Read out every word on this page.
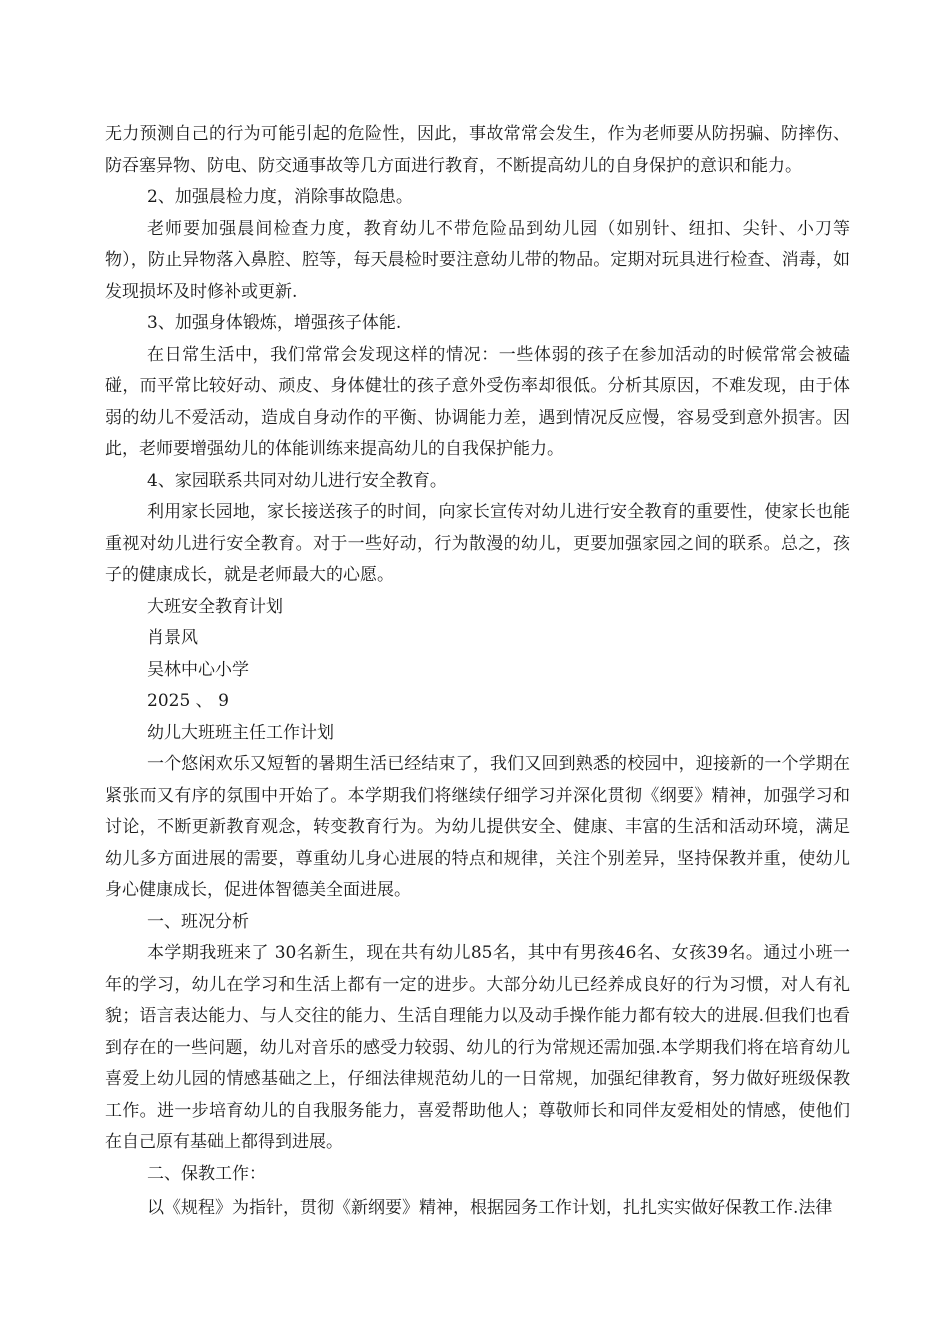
无力预测自己的行为可能引起的危险性，因此，事故常常会发生，作为老师要从防拐骗、防摔伤、防吞塞异物、防电、防交通事故等几方面进行教育，不断提高幼儿的自身保护的意识和能力。

2、加强晨检力度，消除事故隐患。

老师要加强晨间检查力度，教育幼儿不带危险品到幼儿园（如别针、纽扣、尖针、小刀等物），防止异物落入鼻腔、腔等，每天晨检时要注意幼儿带的物品。定期对玩具进行检查、消毒，如发现损坏及时修补或更新.

3、加强身体锻炼，增强孩子体能.

在日常生活中，我们常常会发现这样的情况：一些体弱的孩子在参加活动的时候常常会被磕碰，而平常比较好动、顽皮、身体健壮的孩子意外受伤率却很低。分析其原因，不难发现，由于体弱的幼儿不爱活动，造成自身动作的平衡、协调能力差，遇到情况反应慢，容易受到意外损害。因此，老师要增强幼儿的体能训练来提高幼儿的自我保护能力。

4、家园联系共同对幼儿进行安全教育。

利用家长园地，家长接送孩子的时间，向家长宣传对幼儿进行安全教育的重要性，使家长也能重视对幼儿进行安全教育。对于一些好动，行为散漫的幼儿，更要加强家园之间的联系。总之，孩子的健康成长，就是老师最大的心愿。

大班安全教育计划

肖景风

吴林中心小学

2025 、 9

幼儿大班班主任工作计划

一个悠闲欢乐又短暂的暑期生活已经结束了，我们又回到熟悉的校园中，迎接新的一个学期在紧张而又有序的氛围中开始了。本学期我们将继续仔细学习并深化贯彻《纲要》精神，加强学习和讨论，不断更新教育观念，转变教育行为。为幼儿提供安全、健康、丰富的生活和活动环境，满足幼儿多方面进展的需要，尊重幼儿身心进展的特点和规律，关注个别差异，坚持保教并重，使幼儿身心健康成长，促进体智德美全面进展。

一、班况分析

本学期我班来了 30名新生，现在共有幼儿85名，其中有男孩46名、女孩39名。通过小班一年的学习，幼儿在学习和生活上都有一定的进步。大部分幼儿已经养成良好的行为习惯，对人有礼貌；语言表达能力、与人交往的能力、生活自理能力以及动手操作能力都有较大的进展.但我们也看到存在的一些问题，幼儿对音乐的感受力较弱、幼儿的行为常规还需加强.本学期我们将在培育幼儿喜爱上幼儿园的情感基础之上，仔细法律规范幼儿的一日常规，加强纪律教育，努力做好班级保教工作。进一步培育幼儿的自我服务能力，喜爱帮助他人；尊敬师长和同伴友爱相处的情感，使他们在自己原有基础上都得到进展。

二、保教工作：

以《规程》为指针，贯彻《新纲要》精神，根据园务工作计划，扎扎实实做好保教工作.法律
